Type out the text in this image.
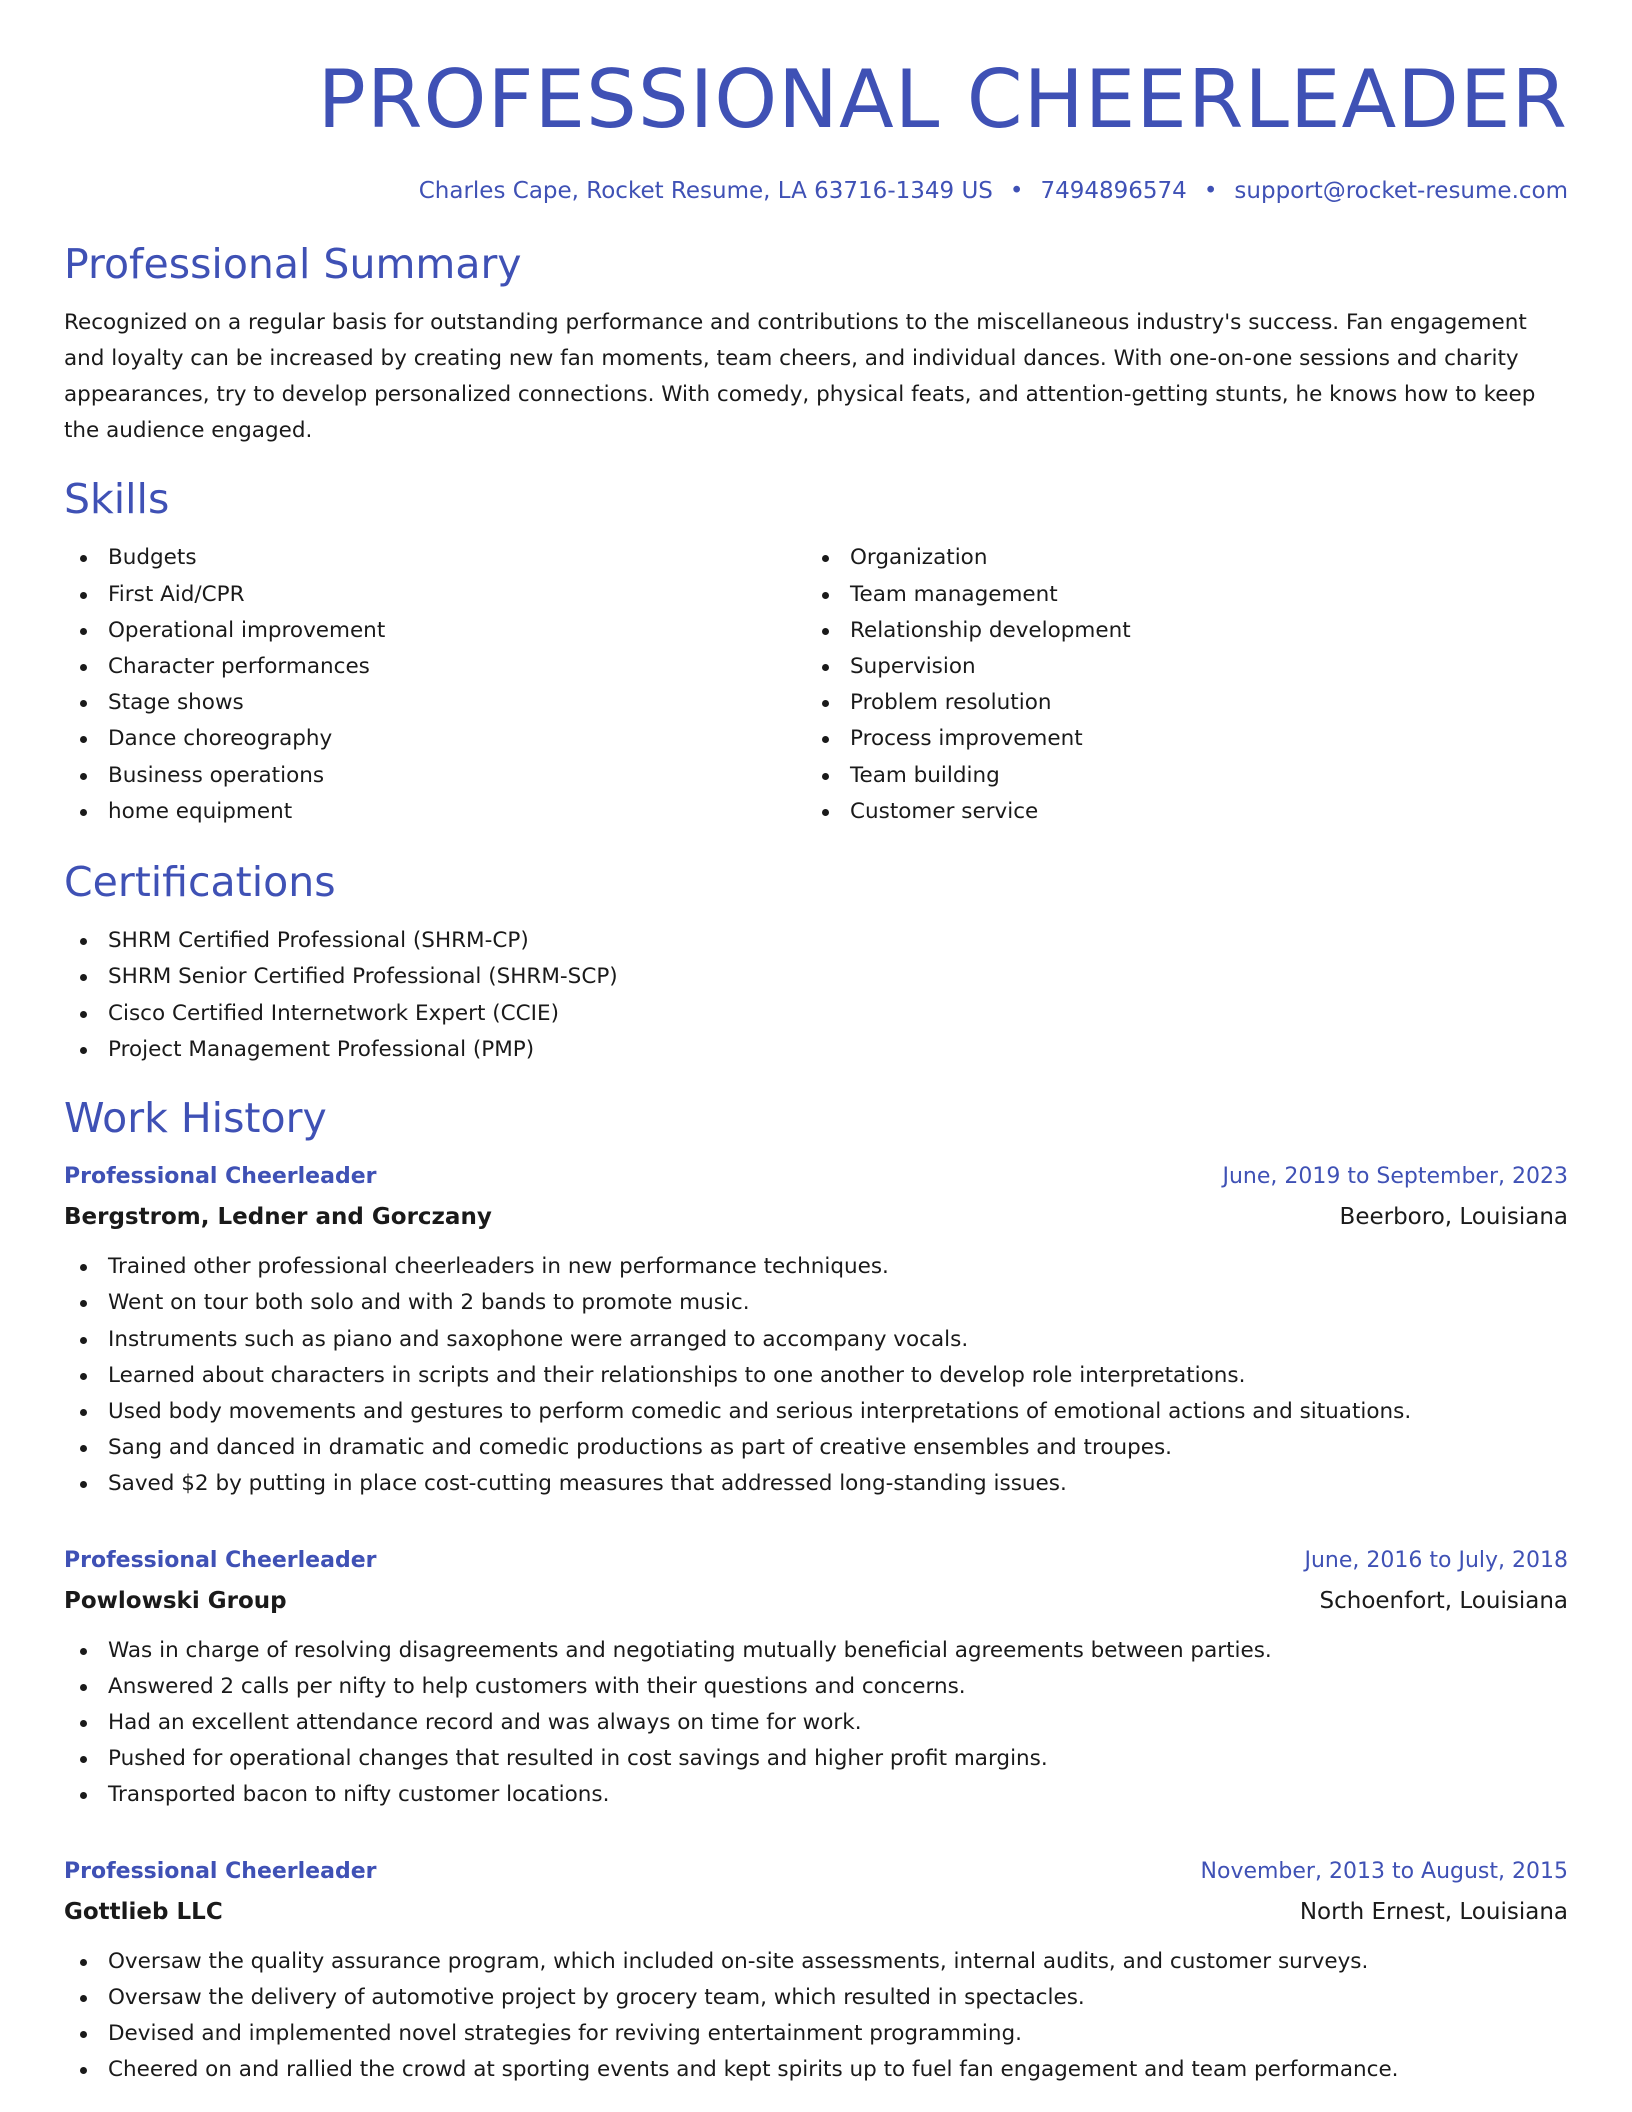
PROFESSIONAL CHEERLEADER
Charles Cape, Rocket Resume, LA 63716-1349 US • 7494896574 • support@rocket-resume.com
Professional Summary
Recognized on a regular basis for outstanding performance and contributions to the miscellaneous industry's success. Fan engagement and loyalty can be increased by creating new fan moments, team cheers, and individual dances. With one-on-one sessions and charity appearances, try to develop personalized connections. With comedy, physical feats, and attention-getting stunts, he knows how to keep the audience engaged.
Skills
Budgets
First Aid/CPR
Operational improvement
Character performances
Stage shows
Dance choreography
Business operations
home equipment
Organization
Team management
Relationship development
Supervision
Problem resolution
Process improvement
Team building
Customer service
Certifications
SHRM Certified Professional (SHRM-CP)
SHRM Senior Certified Professional (SHRM-SCP)
Cisco Certified Internetwork Expert (CCIE)
Project Management Professional (PMP)
Work History
Professional Cheerleader	June, 2019 to September, 2023
Bergstrom, Ledner and Gorczany	Beerboro, Louisiana
Trained other professional cheerleaders in new performance techniques.
Went on tour both solo and with 2 bands to promote music.
Instruments such as piano and saxophone were arranged to accompany vocals.
Learned about characters in scripts and their relationships to one another to develop role interpretations.
Used body movements and gestures to perform comedic and serious interpretations of emotional actions and situations.
Sang and danced in dramatic and comedic productions as part of creative ensembles and troupes.
Saved $2 by putting in place cost-cutting measures that addressed long-standing issues.
Professional Cheerleader	June, 2016 to July, 2018
Powlowski Group	Schoenfort, Louisiana
Was in charge of resolving disagreements and negotiating mutually beneficial agreements between parties.
Answered 2 calls per nifty to help customers with their questions and concerns.
Had an excellent attendance record and was always on time for work.
Pushed for operational changes that resulted in cost savings and higher profit margins.
Transported bacon to nifty customer locations.
Professional Cheerleader	November, 2013 to August, 2015
Gottlieb LLC	North Ernest, Louisiana
Oversaw the quality assurance program, which included on-site assessments, internal audits, and customer surveys.
Oversaw the delivery of automotive project by grocery team, which resulted in spectacles.
Devised and implemented novel strategies for reviving entertainment programming.
Cheered on and rallied the crowd at sporting events and kept spirits up to fuel fan engagement and team performance.
